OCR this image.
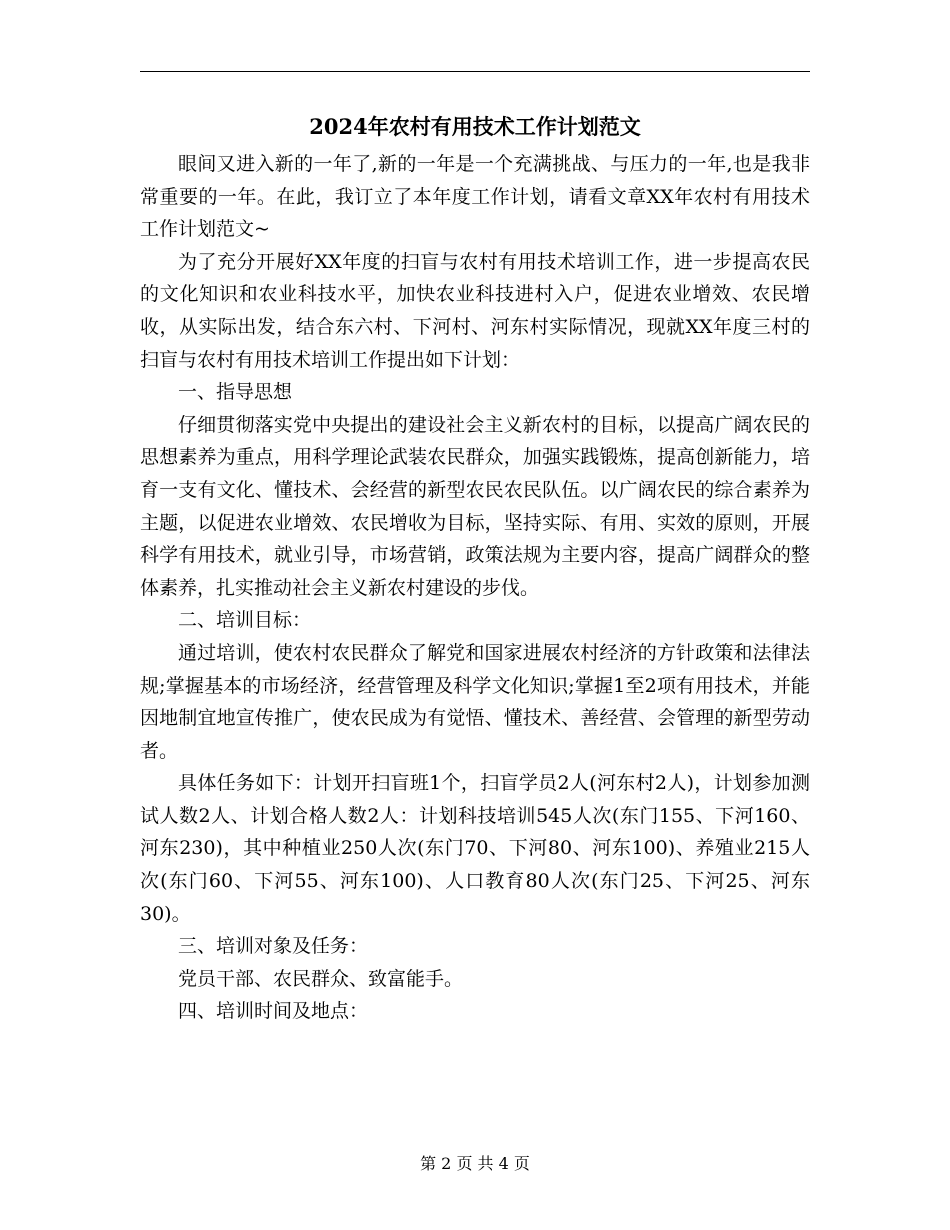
2024年农村有用技术工作计划范文

眼间又进入新的一年了,新的一年是一个充满挑战、与压力的一年,也是我非常重要的一年。在此，我订立了本年度工作计划，请看文章XX年农村有用技术工作计划范文~

为了充分开展好XX年度的扫盲与农村有用技术培训工作，进一步提高农民的文化知识和农业科技水平，加快农业科技进村入户，促进农业增效、农民增收，从实际出发，结合东六村、下河村、河东村实际情况，现就XX年度三村的扫盲与农村有用技术培训工作提出如下计划：

一、指导思想

仔细贯彻落实党中央提出的建设社会主义新农村的目标，以提高广阔农民的思想素养为重点，用科学理论武装农民群众，加强实践锻炼，提高创新能力，培育一支有文化、懂技术、会经营的新型农民农民队伍。以广阔农民的综合素养为主题，以促进农业增效、农民增收为目标，坚持实际、有用、实效的原则，开展科学有用技术，就业引导，市场营销，政策法规为主要内容，提高广阔群众的整体素养，扎实推动社会主义新农村建设的步伐。

二、培训目标：

通过培训，使农村农民群众了解党和国家进展农村经济的方针政策和法律法规;掌握基本的市场经济，经营管理及科学文化知识;掌握1至2项有用技术，并能因地制宜地宣传推广，使农民成为有觉悟、懂技术、善经营、会管理的新型劳动者。

具体任务如下：计划开扫盲班1个，扫盲学员2人(河东村2人)，计划参加测试人数2人、计划合格人数2人：计划科技培训545人次(东门155、下河160、河东230)，其中种植业250人次(东门70、下河80、河东100)、养殖业215人次(东门60、下河55、河东100)、人口教育80人次(东门25、下河25、河东30)。

三、培训对象及任务：

党员干部、农民群众、致富能手。

四、培训时间及地点：

第 2 页 共 4 页
